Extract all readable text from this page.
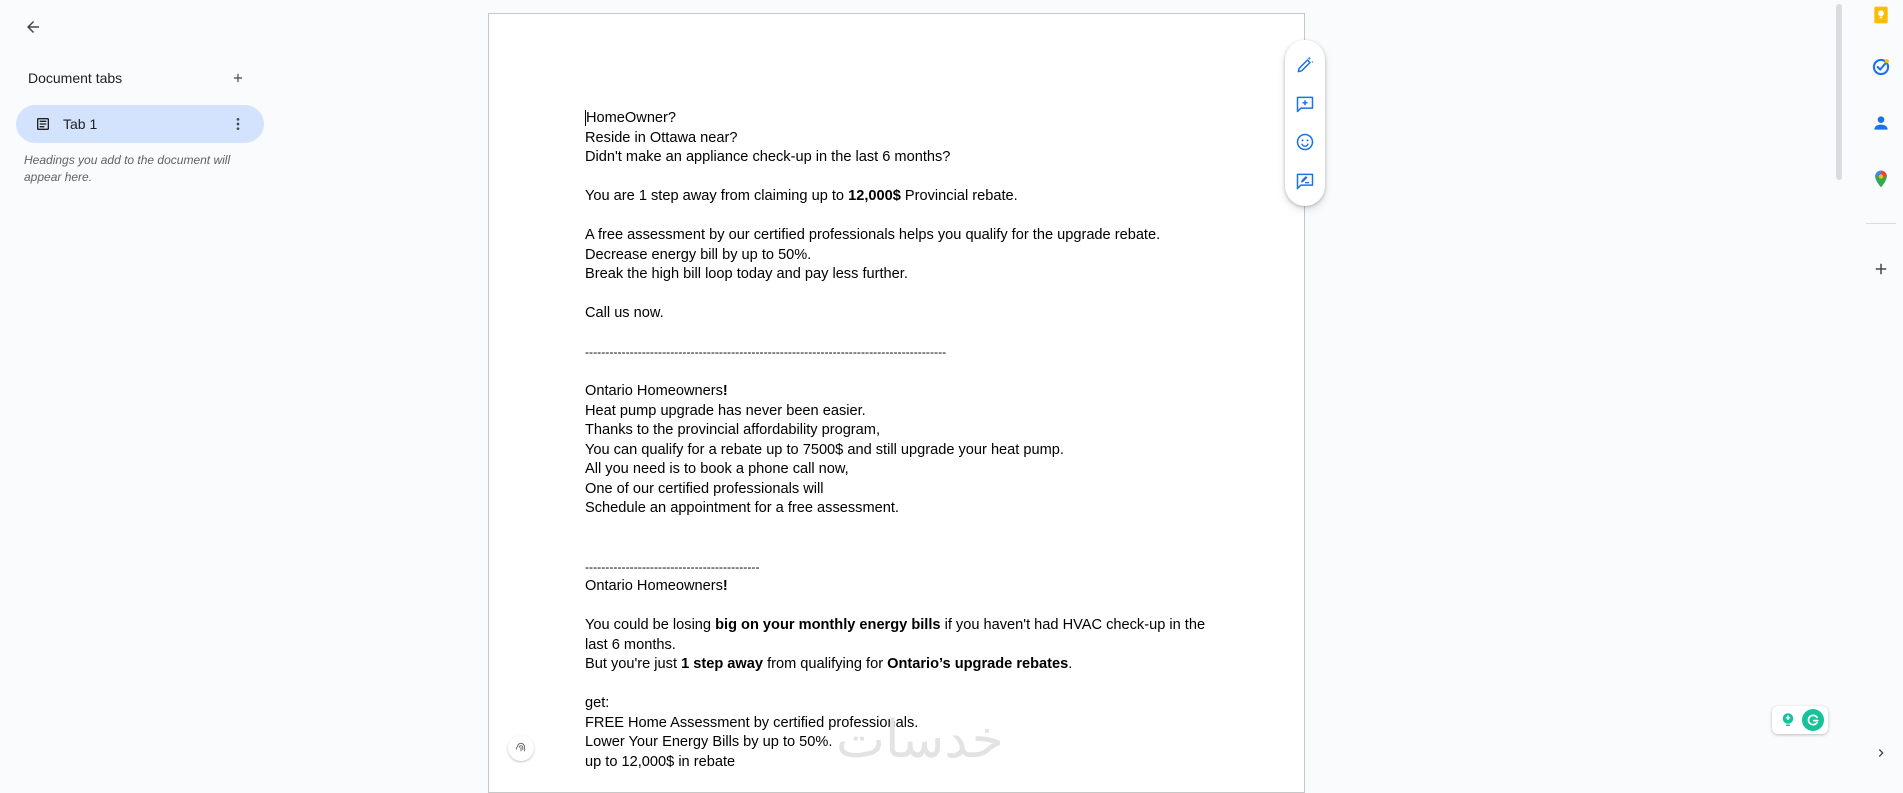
Document tabs
Tab 1
Headings you add to the document will appear here.
HomeOwner?
Reside in Ottawa near?
Didn't make an appliance check-up in the last 6 months?
You are 1 step away from claiming up to 12,000$ Provincial rebate.
A free assessment by our certified professionals helps you qualify for the upgrade rebate.
Decrease energy bill by up to 50%.
Break the high bill loop today and pay less further.
Call us now.
-----------------------------------------------------------------------------------------
Ontario Homeowners!
Heat pump upgrade has never been easier.
Thanks to the provincial affordability program,
You can qualify for a rebate up to 7500$ and still upgrade your heat pump.
All you need is to book a phone call now,
One of our certified professionals will
Schedule an appointment for a free assessment.
-------------------------------------------
Ontario Homeowners!
You could be losing big on your monthly energy bills if you haven't had HVAC check-up in the last 6 months.
But you're just 1 step away from qualifying for Ontario’s upgrade rebates.
get:
FREE Home Assessment by certified professionals.
Lower Your Energy Bills by up to 50%.
up to 12,000$ in rebate	خدسات
